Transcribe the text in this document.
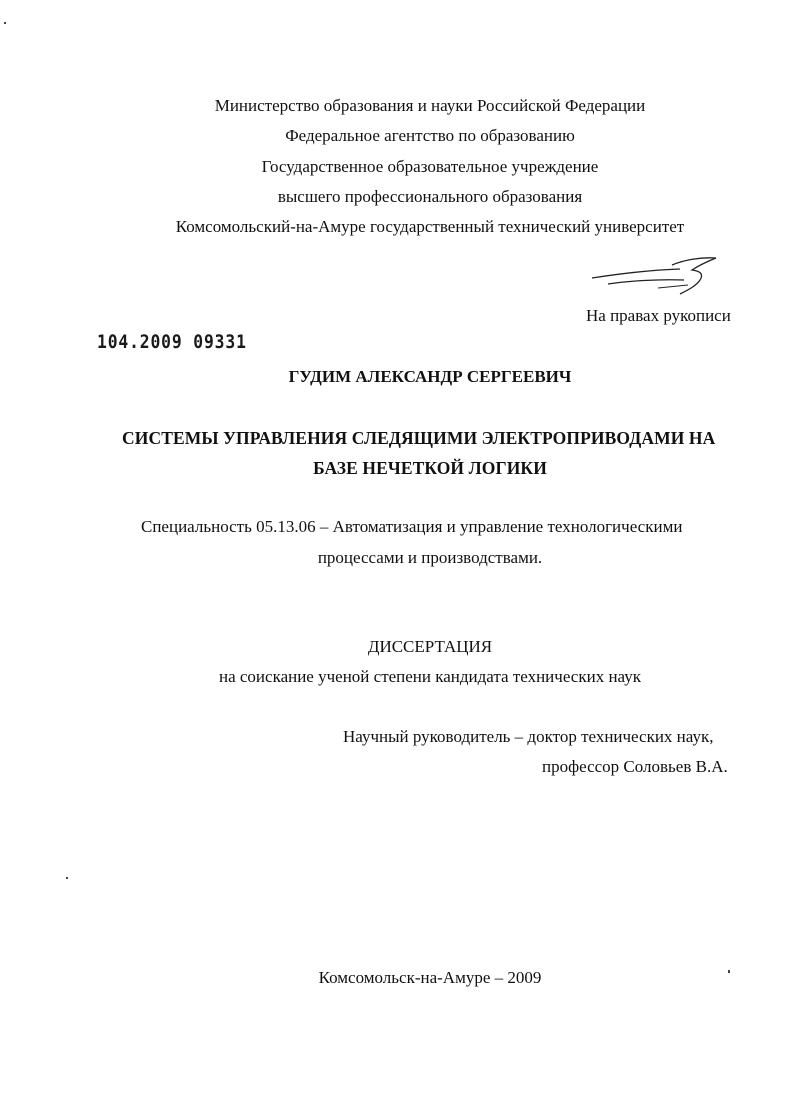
Министерство образования и науки Российской Федерации
Федеральное агентство по образованию
Государственное образовательное учреждение
высшего профессионального образования
Комсомольский-на-Амуре государственный технический университет
На правах рукописи
104.2009 09331
ГУДИМ АЛЕКСАНДР СЕРГЕЕВИЧ
СИСТЕМЫ УПРАВЛЕНИЯ СЛЕДЯЩИМИ ЭЛЕКТРОПРИВОДАМИ НА
БАЗЕ НЕЧЕТКОЙ ЛОГИКИ
Специальность 05.13.06 – Автоматизация и управление технологическими
процессами и производствами.
ДИССЕРТАЦИЯ
на соискание ученой степени кандидата технических наук
Научный руководитель – доктор технических наук,
профессор Соловьев В.А.
Комсомольск-на-Амуре – 2009
